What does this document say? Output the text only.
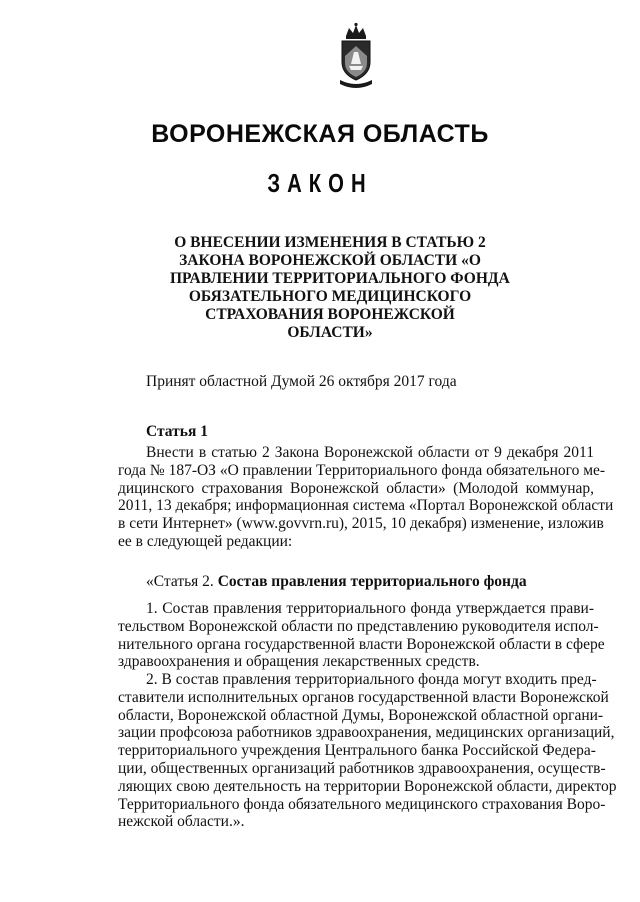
ВОРОНЕЖСКАЯ ОБЛАСТЬ
ЗАКОН
О ВНЕСЕНИИ ИЗМЕНЕНИЯ В СТАТЬЮ 2
ЗАКОНА ВОРОНЕЖСКОЙ ОБЛАСТИ «О
ПРАВЛЕНИИ ТЕРРИТОРИАЛЬНОГО ФОНДА
ОБЯЗАТЕЛЬНОГО МЕДИЦИНСКОГО
СТРАХОВАНИЯ ВОРОНЕЖСКОЙ
ОБЛАСТИ»
Принят областной Думой 26 октября 2017 года
Статья 1
Внести в статью 2 Закона Воронежской области от 9 декабря 2011
года № 187-ОЗ «О правлении Территориального фонда обязательного ме-
дицинского страхования Воронежской области» (Молодой коммунар,
2011, 13 декабря; информационная система «Портал Воронежской области
в сети Интернет» (www.govvrn.ru), 2015, 10 декабря) изменение, изложив
ее в следующей редакции:
«Статья 2. Состав правления территориального фонда
1. Состав правления территориального фонда утверждается прави-
тельством Воронежской области по представлению руководителя испол-
нительного органа государственной власти Воронежской области в сфере
здравоохранения и обращения лекарственных средств.
2. В состав правления территориального фонда могут входить пред-
ставители исполнительных органов государственной власти Воронежской
области, Воронежской областной Думы, Воронежской областной органи-
зации профсоюза работников здравоохранения, медицинских организаций,
территориального учреждения Центрального банка Российской Федера-
ции, общественных организаций работников здравоохранения, осуществ-
ляющих свою деятельность на территории Воронежской области, директор
Территориального фонда обязательного медицинского страхования Воро-
нежской области.».
